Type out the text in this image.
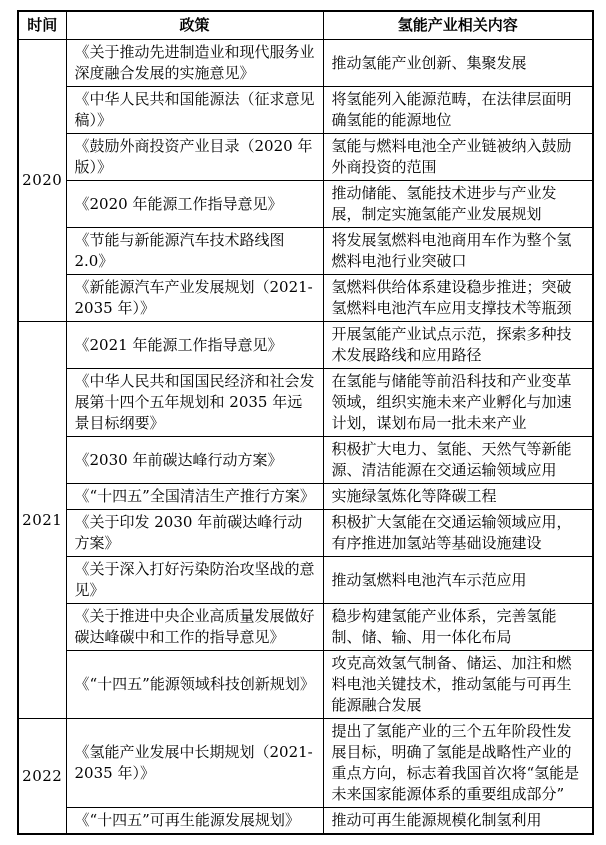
时间	政策	氢能产业相关内容
2020	《关于推动先进制造业和现代服务业深度融合发展的实施意见》	推动氢能产业创新、集聚发展
	《中华人民共和国能源法（征求意见稿）》	将氢能列入能源范畴，在法律层面明确氢能的能源地位
	《鼓励外商投资产业目录（2020 年版）》	氢能与燃料电池全产业链被纳入鼓励外商投资的范围
	《2020 年能源工作指导意见》	推动储能、氢能技术进步与产业发展，制定实施氢能产业发展规划
	《节能与新能源汽车技术路线图 2.0》	将发展氢燃料电池商用车作为整个氢燃料电池行业突破口
	《新能源汽车产业发展规划（2021-2035 年）》	氢燃料供给体系建设稳步推进；突破氢燃料电池汽车应用支撑技术等瓶颈
2021	《2021 年能源工作指导意见》	开展氢能产业试点示范，探索多种技术发展路线和应用路径
	《中华人民共和国国民经济和社会发展第十四个五年规划和 2035 年远景目标纲要》	在氢能与储能等前沿科技和产业变革领域，组织实施未来产业孵化与加速计划，谋划布局一批未来产业
	《2030 年前碳达峰行动方案》	积极扩大电力、氢能、天然气等新能源、清洁能源在交通运输领域应用
	《“十四五”全国清洁生产推行方案》	实施绿氢炼化等降碳工程
	《关于印发 2030 年前碳达峰行动方案》	积极扩大氢能在交通运输领域应用，有序推进加氢站等基础设施建设
	《关于深入打好污染防治攻坚战的意见》	推动氢燃料电池汽车示范应用
	《关于推进中央企业高质量发展做好碳达峰碳中和工作的指导意见》	稳步构建氢能产业体系，完善氢能制、储、输、用一体化布局
	《“十四五”能源领域科技创新规划》	攻克高效氢气制备、储运、加注和燃料电池关键技术，推动氢能与可再生能源融合发展
2022	《氢能产业发展中长期规划（2021-2035 年）》	提出了氢能产业的三个五年阶段性发展目标，明确了氢能是战略性产业的重点方向，标志着我国首次将“氢能是未来国家能源体系的重要组成部分”
	《“十四五”可再生能源发展规划》	推动可再生能源规模化制氢利用
